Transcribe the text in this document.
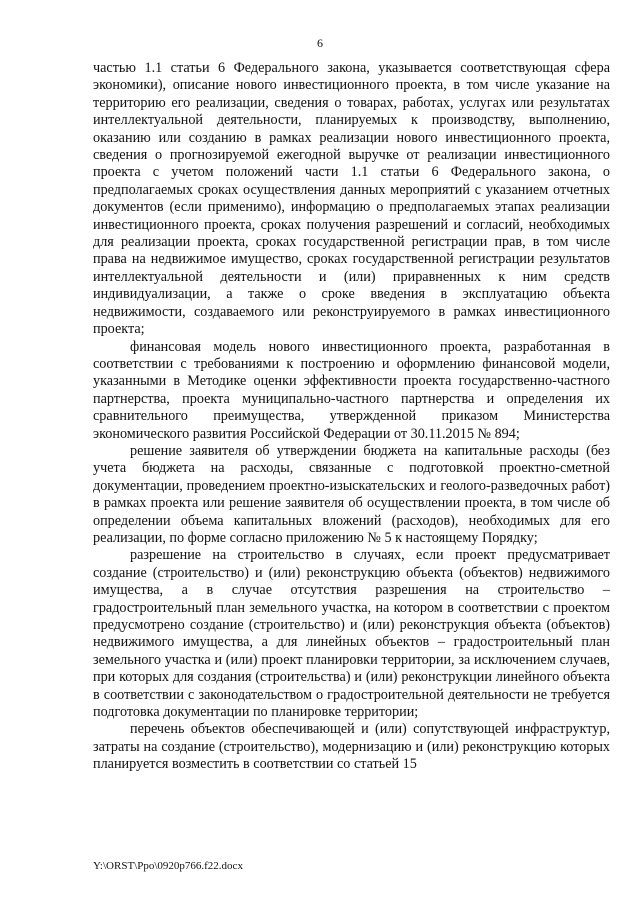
6

частью 1.1 статьи 6 Федерального закона, указывается соответствующая сфера экономики), описание нового инвестиционного проекта, в том числе указание на территорию его реализации, сведения о товарах, работах, услугах или результатах интеллектуальной деятельности, планируемых к производству, выполнению, оказанию или созданию в рамках реализации нового инвестиционного проекта, сведения о прогнозируемой ежегодной выручке от реализации инвестиционного проекта с учетом положений части 1.1 статьи 6 Федерального закона, о предполагаемых сроках осуществления данных мероприятий с указанием отчетных документов (если применимо), информацию о предполагаемых этапах реализации инвестиционного проекта, сроках получения разрешений и согласий, необходимых для реализации проекта, сроках государственной регистрации прав, в том числе права на недвижимое имущество, сроках государственной регистрации результатов интеллектуальной деятельности и (или) приравненных к ним средств индивидуализации, а также о сроке введения в эксплуатацию объекта недвижимости, создаваемого или реконструируемого в рамках инвестиционного проекта;

финансовая модель нового инвестиционного проекта, разработанная в соответствии с требованиями к построению и оформлению финансовой модели, указанными в Методике оценки эффективности проекта государственно-частного партнерства, проекта муниципально-частного партнерства и определения их сравнительного преимущества, утвержденной приказом Министерства экономического развития Российской Федерации от 30.11.2015 № 894;

решение заявителя об утверждении бюджета на капитальные расходы (без учета бюджета на расходы, связанные с подготовкой проектно-сметной документации, проведением проектно-изыскательских и геолого-разведочных работ) в рамках проекта или решение заявителя об осуществлении проекта, в том числе об определении объема капитальных вложений (расходов), необходимых для его реализации, по форме согласно приложению № 5 к настоящему Порядку;

разрешение на строительство в случаях, если проект предусматривает создание (строительство) и (или) реконструкцию объекта (объектов) недвижимого имущества, а в случае отсутствия разрешения на строительство – градостроительный план земельного участка, на котором в соответствии с проектом предусмотрено создание (строительство) и (или) реконструкция объекта (объектов) недвижимого имущества, а для линейных объектов – градостроительный план земельного участка и (или) проект планировки территории, за исключением случаев, при которых для создания (строительства) и (или) реконструкции линейного объекта в соответствии с законодательством о градостроительной деятельности не требуется подготовка документации по планировке территории;

перечень объектов обеспечивающей и (или) сопутствующей инфраструктур, затраты на создание (строительство), модернизацию и (или) реконструкцию которых планируется возместить в соответствии со статьей 15

Y:\ORST\Ppo\0920p766.f22.docx
